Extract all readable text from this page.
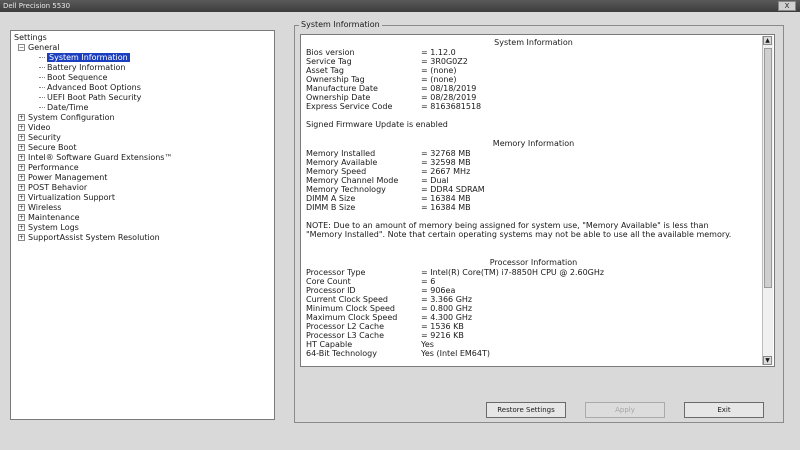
Dell Precision 5530	X
Settings
− General
System Information
Battery Information
Boot Sequence
Advanced Boot Options
UEFI Boot Path Security
Date/Time
+ System Configuration
+ Video
+ Security
+ Secure Boot
+ Intel® Software Guard Extensions™
+ Performance
+ Power Management
+ POST Behavior
+ Virtualization Support
+ Wireless
+ Maintenance
+ System Logs
+ SupportAssist System Resolution
System Information
System Information
Bios version	= 1.12.0
Service Tag	= 3R0G0Z2
Asset Tag	= (none)
Ownership Tag	= (none)
Manufacture Date	= 08/18/2019
Ownership Date	= 08/28/2019
Express Service Code	= 8163681518
Signed Firmware Update is enabled
Memory Information
Memory Installed	= 32768 MB
Memory Available	= 32598 MB
Memory Speed	= 2667 MHz
Memory Channel Mode	= Dual
Memory Technology	= DDR4 SDRAM
DIMM A Size	= 16384 MB
DIMM B Size	= 16384 MB
NOTE: Due to an amount of memory being assigned for system use, "Memory Available" is less than "Memory Installed". Note that certain operating systems may not be able to use all the available memory.
Processor Information
Processor Type	= Intel(R) Core(TM) i7-8850H CPU @ 2.60GHz
Core Count	= 6
Processor ID	= 906ea
Current Clock Speed	= 3.366 GHz
Minimum Clock Speed	= 0.800 GHz
Maximum Clock Speed	= 4.300 GHz
Processor L2 Cache	= 1536 KB
Processor L3 Cache	= 9216 KB
HT Capable	Yes
64-Bit Technology	Yes (Intel EM64T)
▲
▼
Restore Settings	Apply	Exit
